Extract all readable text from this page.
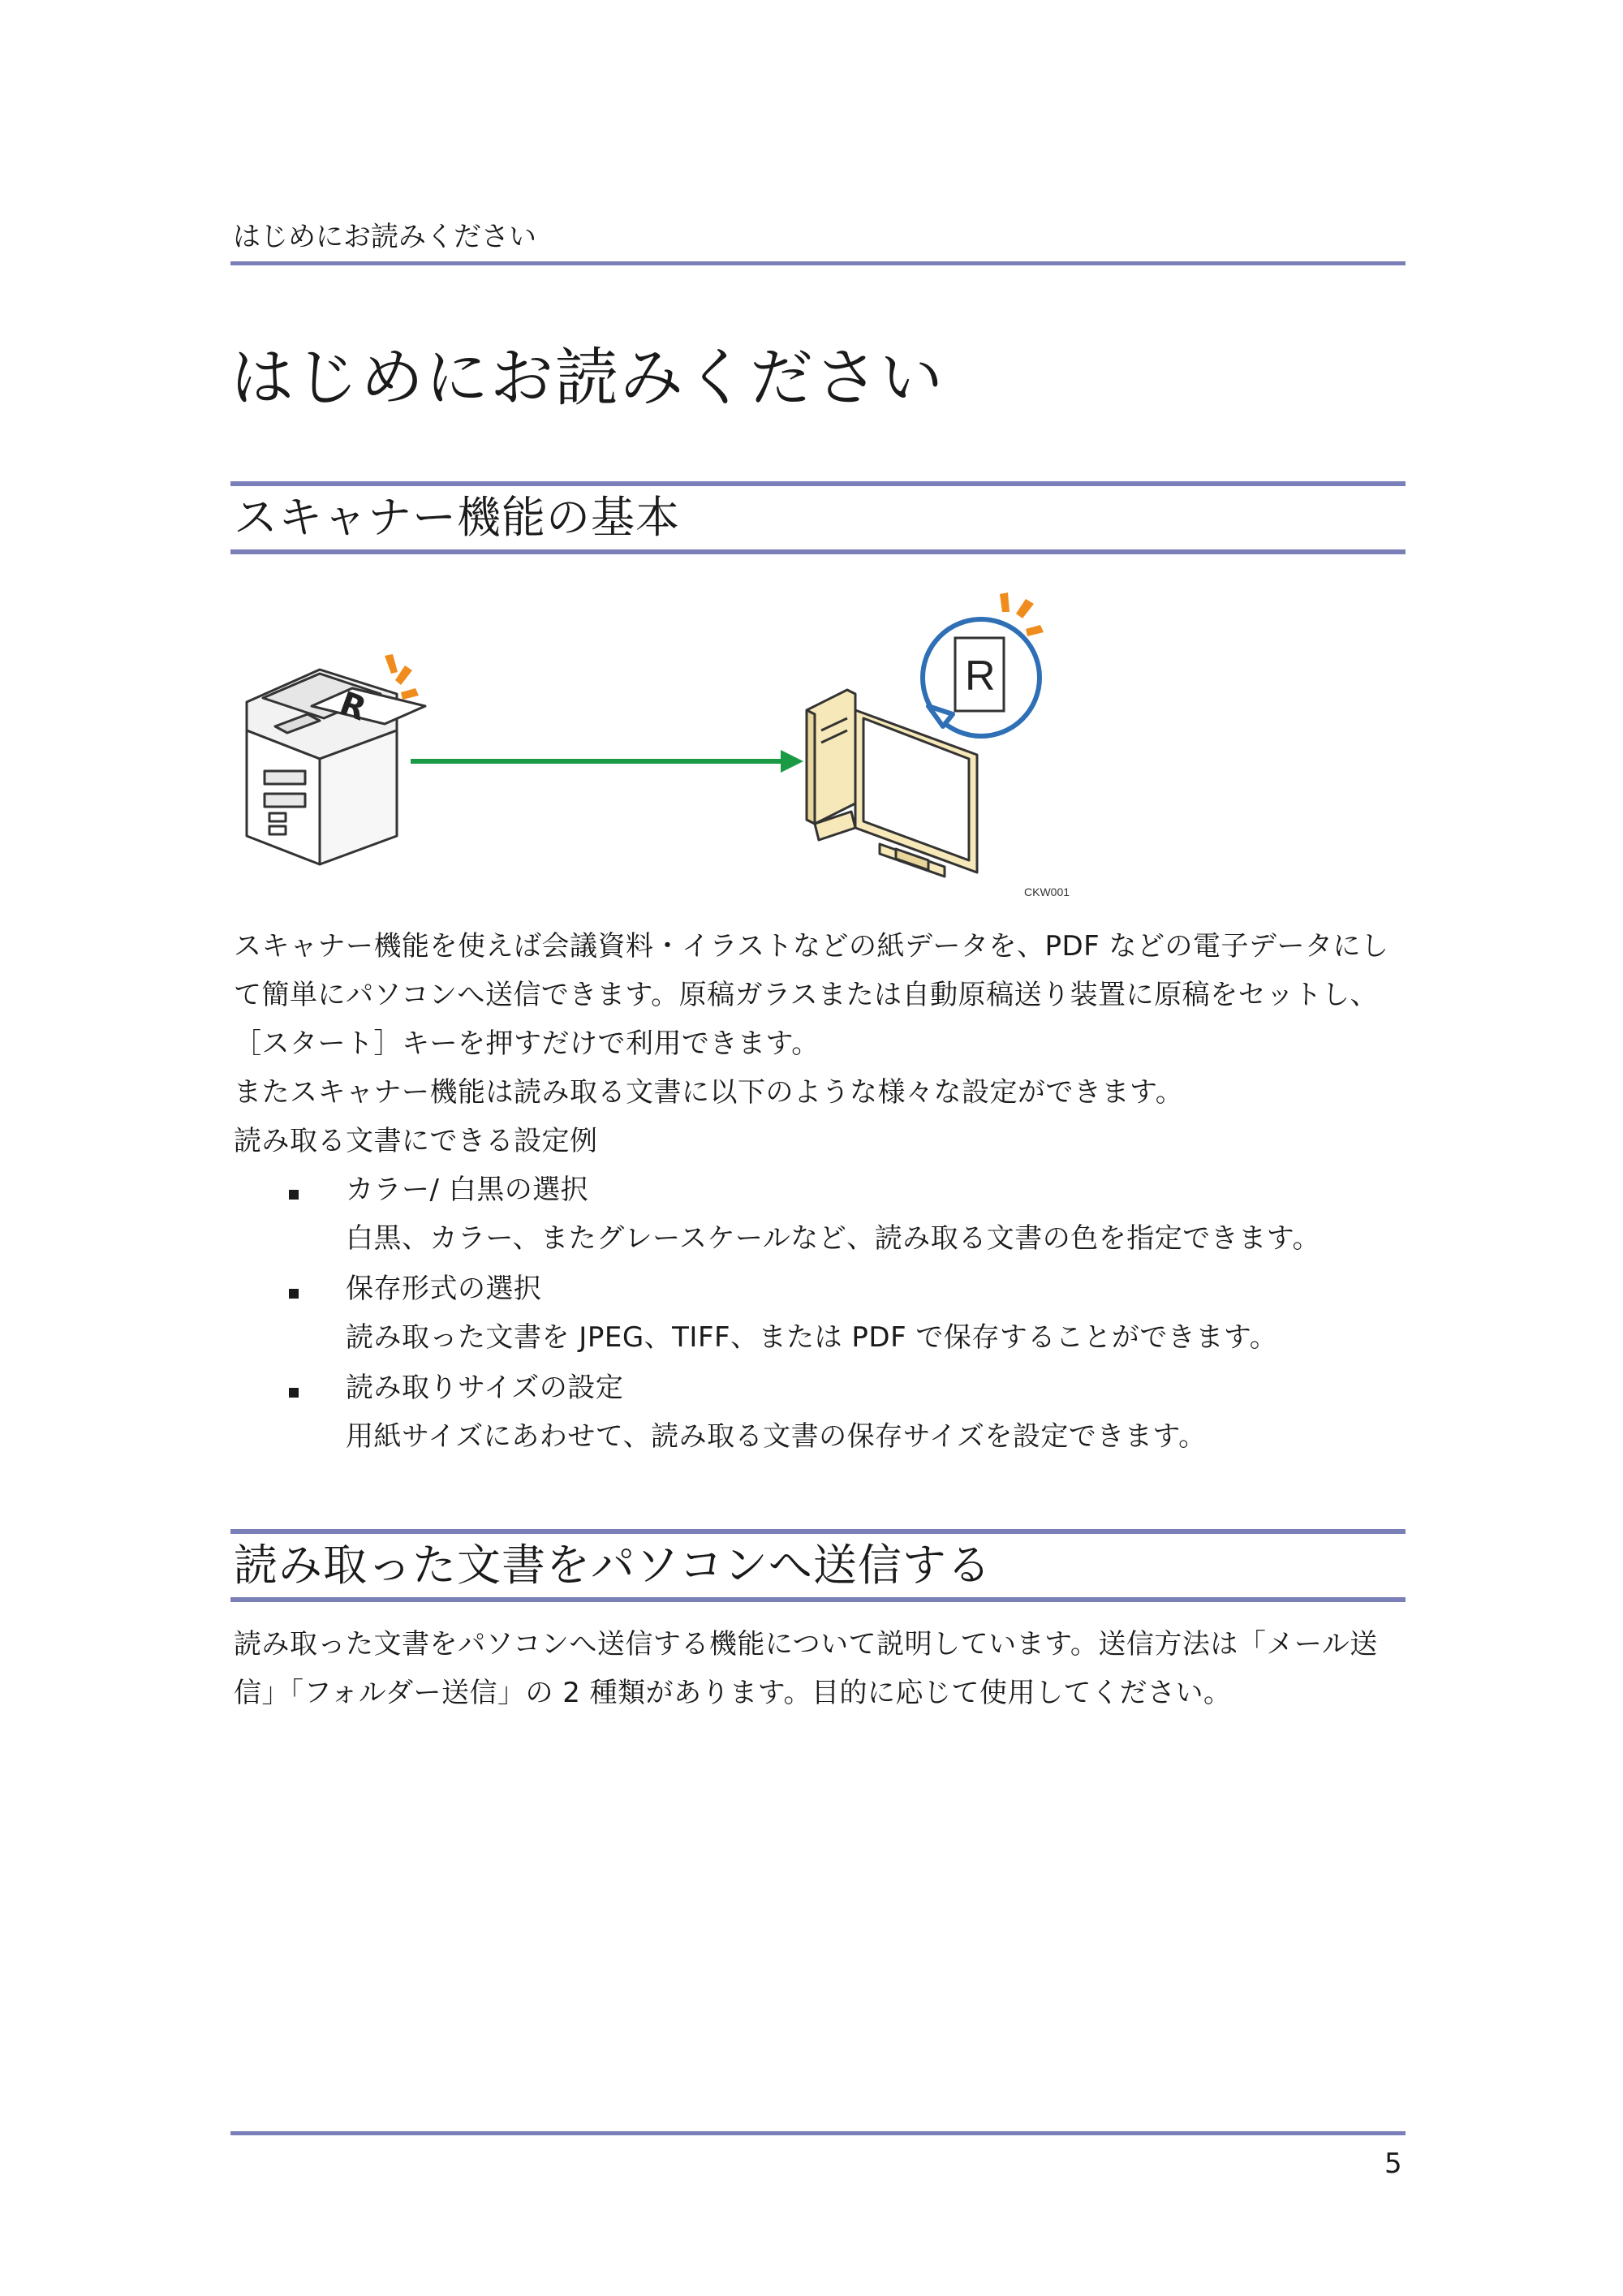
はじめにお読みください
はじめにお読みください
スキャナー機能の基本
R
R
CKW001

スキャナー機能を使えば会議資料・イラストなどの紙データを、PDF などの電子データにし

て簡単にパソコンへ送信できます。原稿ガラスまたは自動原稿送り装置に原稿をセットし、

［スタート］キーを押すだけで利用できます。

またスキャナー機能は読み取る文書に以下のような様々な設定ができます。

読み取る文書にできる設定例

カラー/ 白黒の選択
白黒、カラー、またグレースケールなど、読み取る文書の色を指定できます。
保存形式の選択
読み取った文書を JPEG、TIFF、または PDF で保存することができます。
読み取りサイズの設定
用紙サイズにあわせて、読み取る文書の保存サイズを設定できます。
読み取った文書をパソコンへ送信する

読み取った文書をパソコンへ送信する機能について説明しています。送信方法は「メール送

信」「フォルダー送信」の 2 種類があります。目的に応じて使用してください。

5
